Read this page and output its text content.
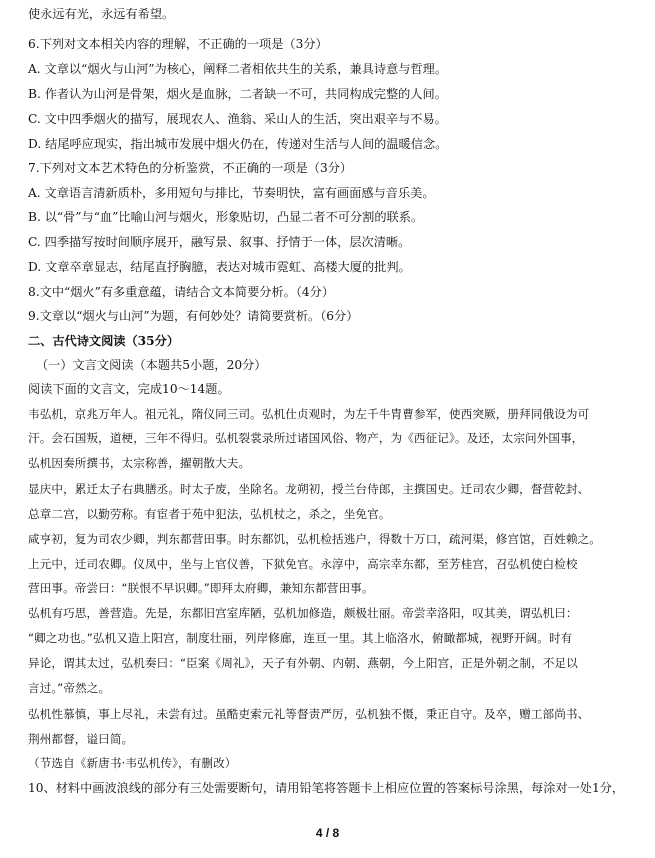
使永远有光，永远有希望。
6.下列对文本相关内容的理解，不正确的一项是（3分）
A. 文章以“烟火与山河”为核心，阐释二者相依共生的关系，兼具诗意与哲理。
B. 作者认为山河是骨架，烟火是血脉，二者缺一不可，共同构成完整的人间。
C. 文中四季烟火的描写，展现农人、渔翁、采山人的生活，突出艰辛与不易。
D. 结尾呼应现实，指出城市发展中烟火仍在，传递对生活与人间的温暖信念。
7.下列对文本艺术特色的分析鉴赏，不正确的一项是（3分）
A. 文章语言清新质朴，多用短句与排比，节奏明快，富有画面感与音乐美。
B. 以“骨”与“血”比喻山河与烟火，形象贴切，凸显二者不可分割的联系。
C. 四季描写按时间顺序展开，融写景、叙事、抒情于一体，层次清晰。
D. 文章卒章显志，结尾直抒胸臆，表达对城市霓虹、高楼大厦的批判。
8.文中“烟火”有多重意蕴，请结合文本简要分析。（4分）
9.文章以“烟火与山河”为题，有何妙处？请简要赏析。（6分）
二、古代诗文阅读（35分）
（一）文言文阅读（本题共5小题，20分）
阅读下面的文言文，完成10～14题。
韦弘机，京兆万年人。祖元礼，隋仪同三司。弘机仕贞观时，为左千牛胄曹参军，使西突厥，册拜同俄设为可
汗。会石国叛，道梗，三年不得归。弘机裂裳录所过诸国风俗、物产，为《西征记》。及还，太宗问外国事，
弘机因奏所撰书，太宗称善，擢朝散大夫。
显庆中，累迁太子右典膳丞。时太子废，坐除名。龙朔初，授兰台侍郎，主撰国史。迁司农少卿，督营乾封、
总章二宫，以勤劳称。有宦者于苑中犯法，弘机杖之，杀之，坐免官。
咸亨初，复为司农少卿，判东都营田事。时东都饥，弘机检括逃户，得数十万口，疏河渠，修宫馆，百姓赖之。
上元中，迁司农卿。仪凤中，坐与上官仪善，下狱免官。永淳中，高宗幸东都，至芳桂宫，召弘机使白检校
营田事。帝尝曰：“朕恨不早识卿。”即拜太府卿，兼知东都营田事。
弘机有巧思，善营造。先是，东都旧宫室库陋，弘机加修造，颇极壮丽。帝尝幸洛阳，叹其美，谓弘机曰：
“卿之功也。”弘机又造上阳宫，制度壮丽，列岸修廊，连亘一里。其上临洛水，俯瞰都城，视野开阔。时有
异论，谓其太过，弘机奏曰：“臣案《周礼》，天子有外朝、内朝、燕朝，今上阳宫，正是外朝之制，不足以
言过。”帝然之。
弘机性慕慎，事上尽礼，未尝有过。虽酷吏索元礼等督责严厉，弘机独不慑，秉正自守。及卒，赠工部尚书、
荆州都督，谥曰简。
（节选自《新唐书·韦弘机传》，有删改）
10、材料中画波浪线的部分有三处需要断句，请用铅笔将答题卡上相应位置的答案标号涂黑，每涂对一处1分，
4 / 8
